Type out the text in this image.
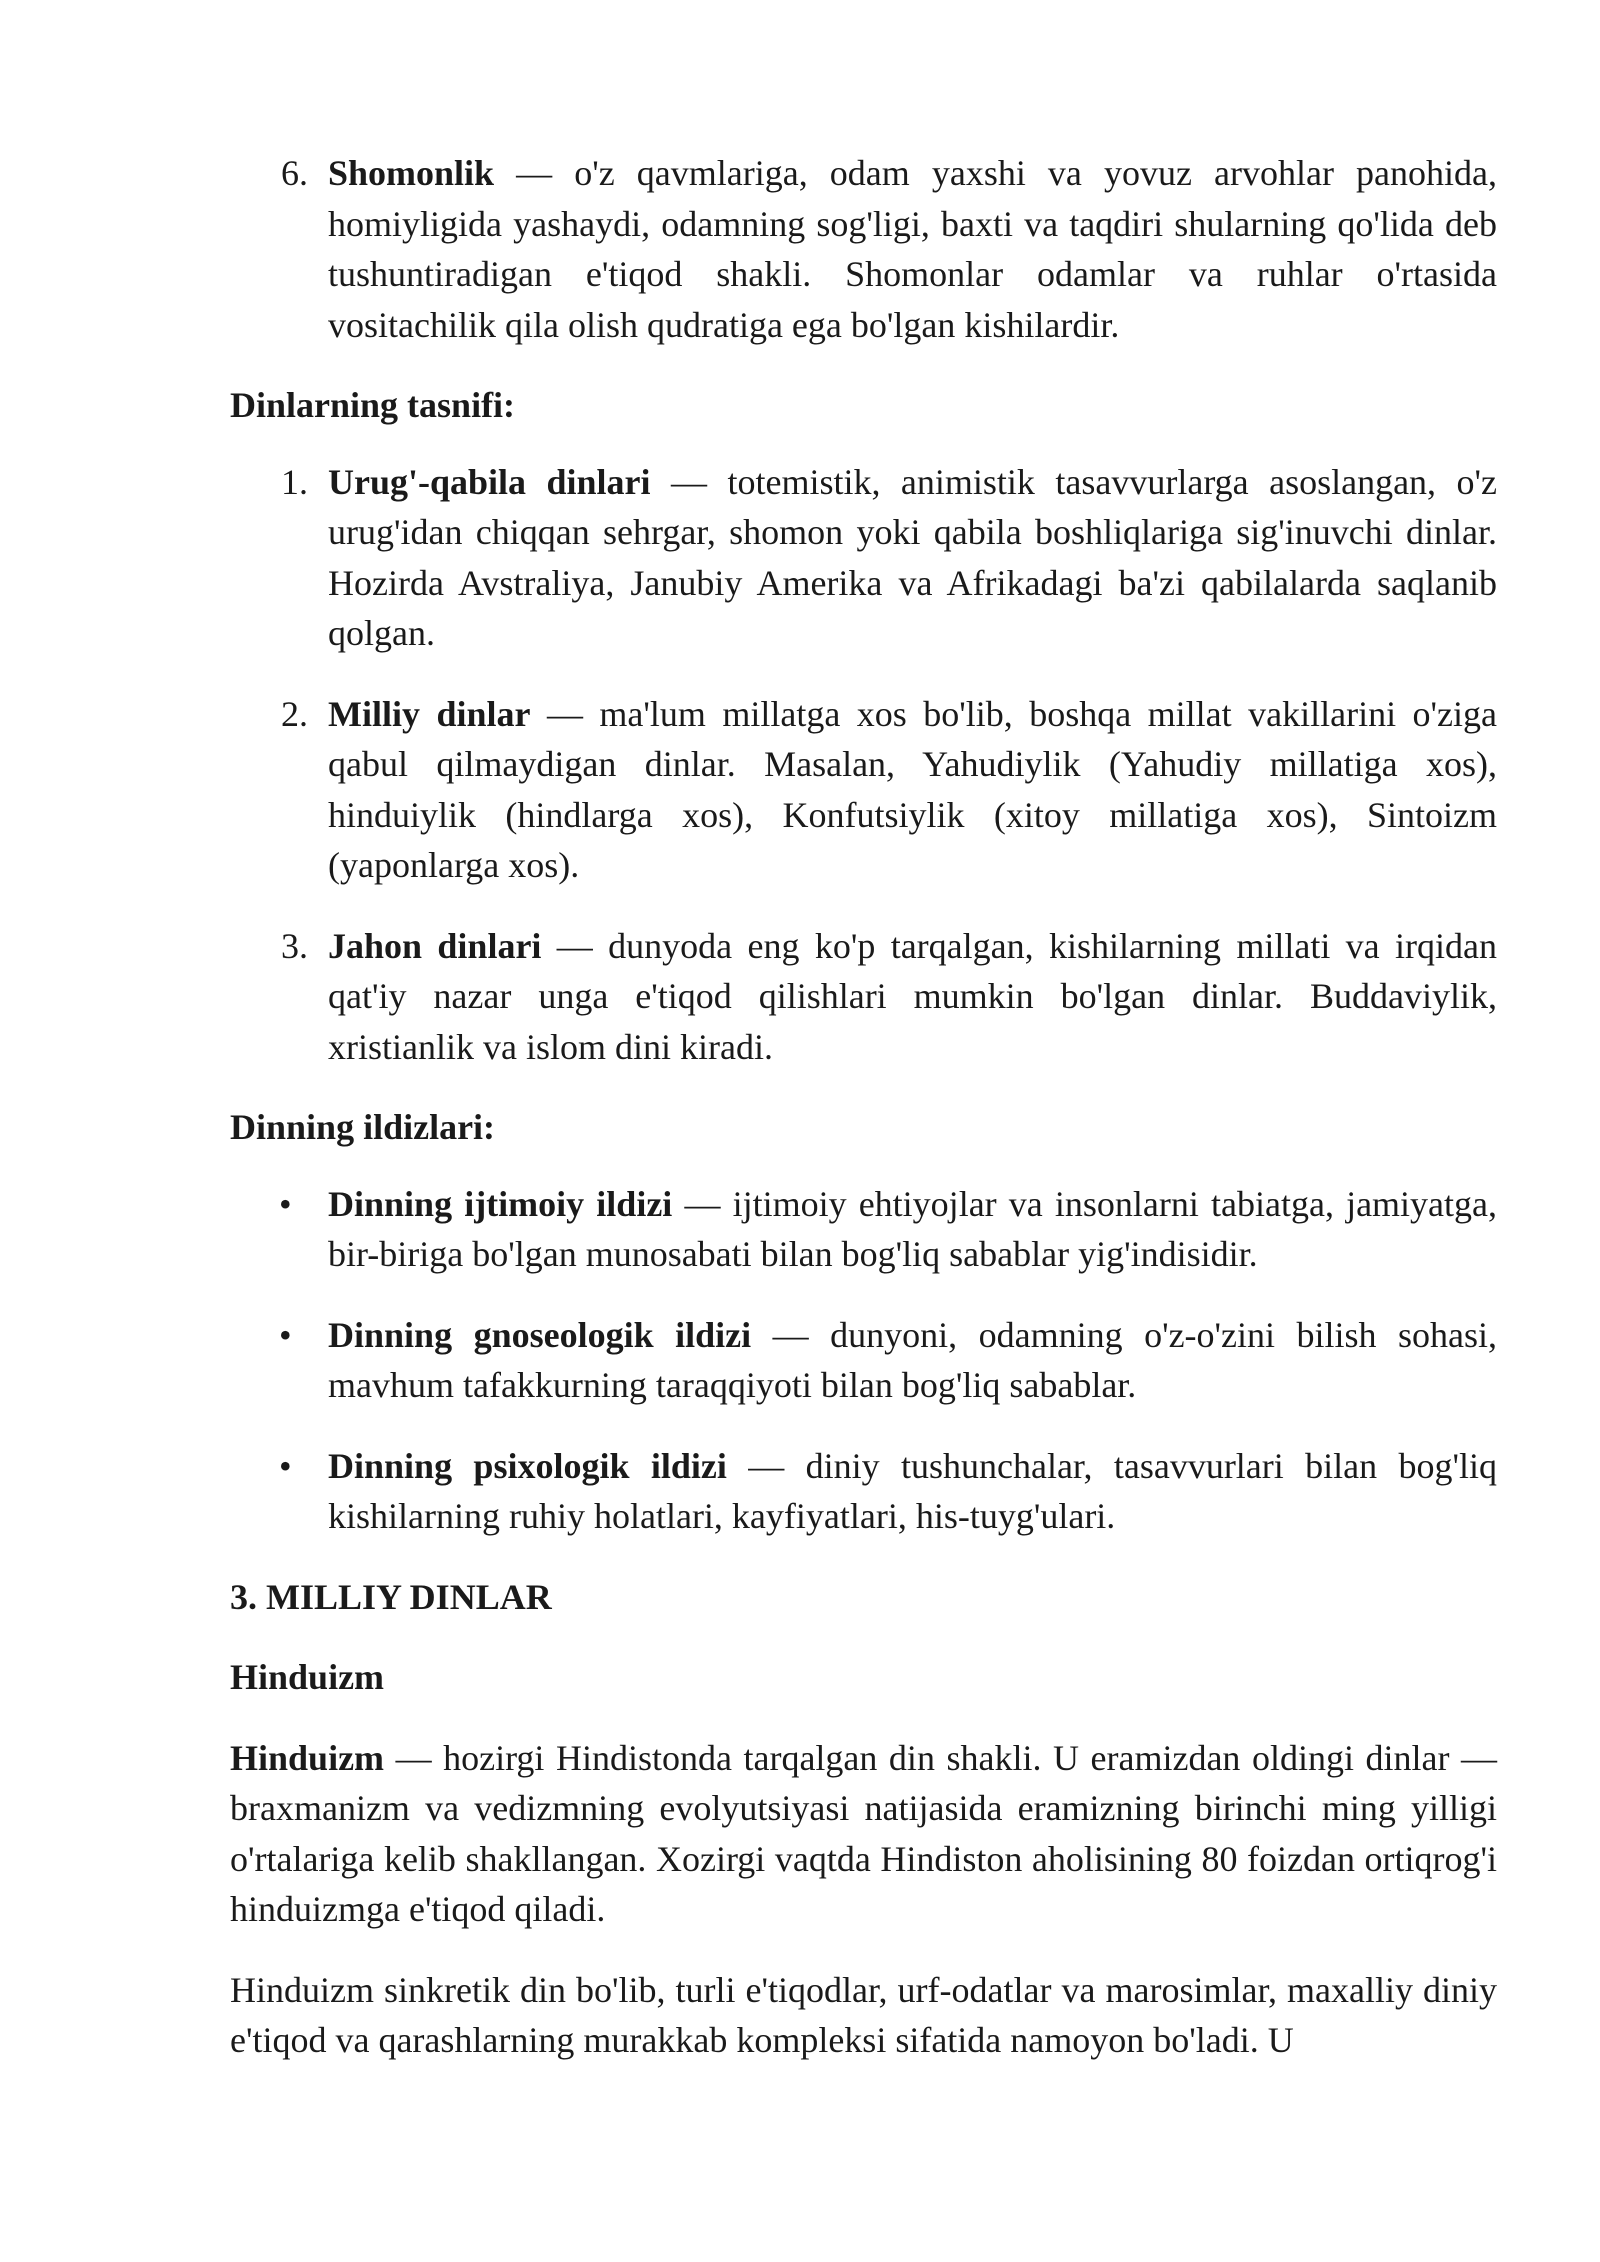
6. Shomonlik — o'z qavmlariga, odam yaxshi va yovuz arvohlar panohida, homiyligida yashaydi, odamning sog'ligi, baxti va taqdiri shularning qo'lida deb tushuntiradigan e'tiqod shakli. Shomonlar odamlar va ruhlar o'rtasida vositachilik qila olish qudratiga ega bo'lgan kishilardir.

Dinlarning tasnifi:

1. Urug'-qabila dinlari — totemistik, animistik tasavvurlarga asoslangan, o'z urug'idan chiqqan sehrgar, shomon yoki qabila boshliqlariga sig'inuvchi dinlar. Hozirda Avstraliya, Janubiy Amerika va Afrikadagi ba'zi qabilalarda saqlanib qolgan.
2. Milliy dinlar — ma'lum millatga xos bo'lib, boshqa millat vakillarini o'ziga qabul qilmaydigan dinlar. Masalan, Yahudiylik (Yahudiy millatiga xos), hinduiylik (hindlarga xos), Konfutsiylik (xitoy millatiga xos), Sintoizm (yaponlarga xos).
3. Jahon dinlari — dunyoda eng ko'p tarqalgan, kishilarning millati va irqidan qat'iy nazar unga e'tiqod qilishlari mumkin bo'lgan dinlar. Buddaviylik, xristianlik va islom dini kiradi.

Dinning ildizlari:

• Dinning ijtimoiy ildizi — ijtimoiy ehtiyojlar va insonlarni tabiatga, jamiyatga, bir-biriga bo'lgan munosabati bilan bog'liq sabablar yig'indisidir.
• Dinning gnoseologik ildizi — dunyoni, odamning o'z-o'zini bilish sohasi, mavhum tafakkurning taraqqiyoti bilan bog'liq sabablar.
• Dinning psixologik ildizi — diniy tushunchalar, tasavvurlari bilan bog'liq kishilarning ruhiy holatlari, kayfiyatlari, his-tuyg'ulari.

3. MILLIY DINLAR

Hinduizm

Hinduizm — hozirgi Hindistonda tarqalgan din shakli. U eramizdan oldingi dinlar — braxmanizm va vedizmning evolyutsiyasi natijasida eramizning birinchi ming yilligi o'rtalariga kelib shakllangan. Xozirgi vaqtda Hindiston aholisining 80 foizdan ortiqrog'i hinduizmga e'tiqod qiladi.

Hinduizm sinkretik din bo'lib, turli e'tiqodlar, urf-odatlar va marosimlar, maxalliy diniy e'tiqod va qarashlarning murakkab kompleksi sifatida namoyon bo'ladi. U
